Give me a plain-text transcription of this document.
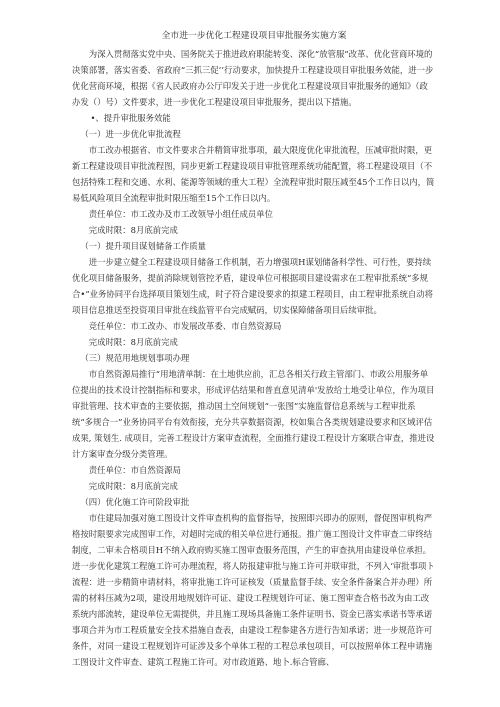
全市进一步优化工程建设项目审批服务实施方案

为深入贯彻落实党中央、国务院关于推进政府职能转变、深化“放管服”改革、优化营商环境的决策部署，落实省委、省政府“三抓三促’’行动要求，加快提升工程建设项目审批服务效能，进一步优化营商环境，根据《省人民政府办公厅印发关于进一步优化工程建设项目审批服务的通知》（政办发（）号）文件要求，进一步优化工程建设项目审批服务，提出以下措施。

•、提升审批服务效能

（一）进一步优化审批流程

市工改办根据省、市文件要求合并精简审批事项，最大限度优化审批流程，压减审批时限，更新工程建设项目审批流程图，同步更新工程建设项目审批管理系统功能配置，将工程建设项目（不包括特殊工程和交通、水利、能源等领域的重大工程）全流程审批时限压减至45个工作日以内，简易低风险项目全流程审批时限压缩至15个工作日以内。

责任单位：市工改办及市工改领导小组任成员单位

完成时限：8月底前完成

（一）提升项目谋划储备工作质量

进一步建立健全工程建设项目储备工作机制，若力增强项H谋划储备科学性、可行性，要持续优化项目储备服务，提前消除规划管控矛盾，建设单位可根据项目建设需求在工程审批系统“多规合•”业务协同平台选择项目策划生成，时子符合建设要求的拟建工程项目，由工程审批系统自动将项目信息推送至投资项目审批在线监管平台完成赋码，切实保障储备项目后续审批。

竞任单位：市工改办、市发展改革委、市自然资源局

完成时限：8月底前完成

（三）规范用地规划事项办理

市自然资源局推行“用地清单制：在土地供应前，汇总各相关行政主管部门、市政公用服务单位提出的技术设计控制指标和要求，形成评估结果和普直意见清单'发放给土地受让单位，作为项目审批管理、技术审查的主要依据，推动国土空间规划“一张图”实施监督信息系统与工程审批系统“多规合一”业务协同平台有效衔接，充分共享数据资源，校如集合各类规划建设要求和区域评估成果, 策划生. 成项目，完善工程设计方案审查流程，全面推行建设工程设计方案联合审查，推进设计方案审查分级分类管理。

责任单位：市自然资源局

完成时限：8月底前完成

（四）优化施工许可阶段审批

市住建局加强对施工图设计文件审查机构的监督指导，按照即兴即办的原则，督促图审机构严格按时限要求完成图审工作，对超时完成的相关单位进行通报。推广施工图设计文件审查二审终结制度，二审未合格项目H不纳入政府购买施工图审查服务范围，产生的审查执用由建设单位承担。进一步优化建筑工程施工许可办理流程，将人防报建审批与施工许可并联审批，不列入‘审批事项ト流程：进一步精简申请材料，将审批施工许可证核发（质量监督手续、安全条件备案合并办理）所需的材料压减为2项，建设用地规划许可证、建设工程规划许可证、施工图审查合格书改为由工改系统内部流转，建设单位无需提供，并且施工现场具备施工条件证明书、资金已落实承诺书等承诺事项合并为市工程质量安全技术措施自查表，由建设工程参建各方进行告知承诺；进一步规范许可条件，对同一建设工程规划许可证涉及多个单体工程的工程总承包项目，可以按照单体工程申请施工图设计文件审查、建筑工程施工许可。对市政道路、地卜.标合管廊、
